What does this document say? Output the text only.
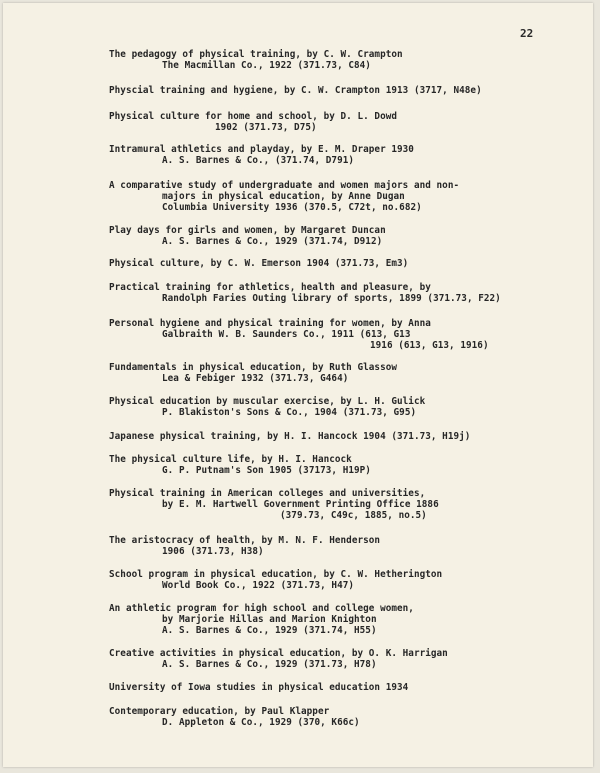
22
The pedagogy of physical training, by C. W. Crampton
The Macmillan Co., 1922 (371.73, C84)
Physcial training and hygiene, by C. W. Crampton 1913 (3717, N48e)
Physical culture for home and school, by D. L. Dowd
1902 (371.73, D75)
Intramural athletics and playday, by E. M. Draper 1930
A. S. Barnes & Co., (371.74, D791)
A comparative study of undergraduate and women majors and non-
majors in physical education, by Anne Dugan
Columbia University 1936 (370.5, C72t, no.682)
Play days for girls and women, by Margaret Duncan
A. S. Barnes & Co., 1929 (371.74, D912)
Physical culture, by C. W. Emerson 1904 (371.73, Em3)
Practical training for athletics, health and pleasure, by
Randolph Faries Outing library of sports, 1899 (371.73, F22)
Personal hygiene and physical training for women, by Anna
Galbraith W. B. Saunders Co., 1911 (613, G13
1916 (613, G13, 1916)
Fundamentals in physical education, by Ruth Glassow
Lea & Febiger 1932 (371.73, G464)
Physical education by muscular exercise, by L. H. Gulick
P. Blakiston's Sons & Co., 1904 (371.73, G95)
Japanese physical training, by H. I. Hancock 1904 (371.73, H19j)
The physical culture life, by H. I. Hancock
G. P. Putnam's Son 1905 (37173, H19P)
Physical training in American colleges and universities,
by E. M. Hartwell Government Printing Office 1886
(379.73, C49c, 1885, no.5)
The aristocracy of health, by M. N. F. Henderson
1906 (371.73, H38)
School program in physical education, by C. W. Hetherington
World Book Co., 1922 (371.73, H47)
An athletic program for high school and college women,
by Marjorie Hillas and Marion Knighton
A. S. Barnes & Co., 1929 (371.74, H55)
Creative activities in physical education, by O. K. Harrigan
A. S. Barnes & Co., 1929 (371.73, H78)
University of Iowa studies in physical education 1934
Contemporary education, by Paul Klapper
D. Appleton & Co., 1929 (370, K66c)
